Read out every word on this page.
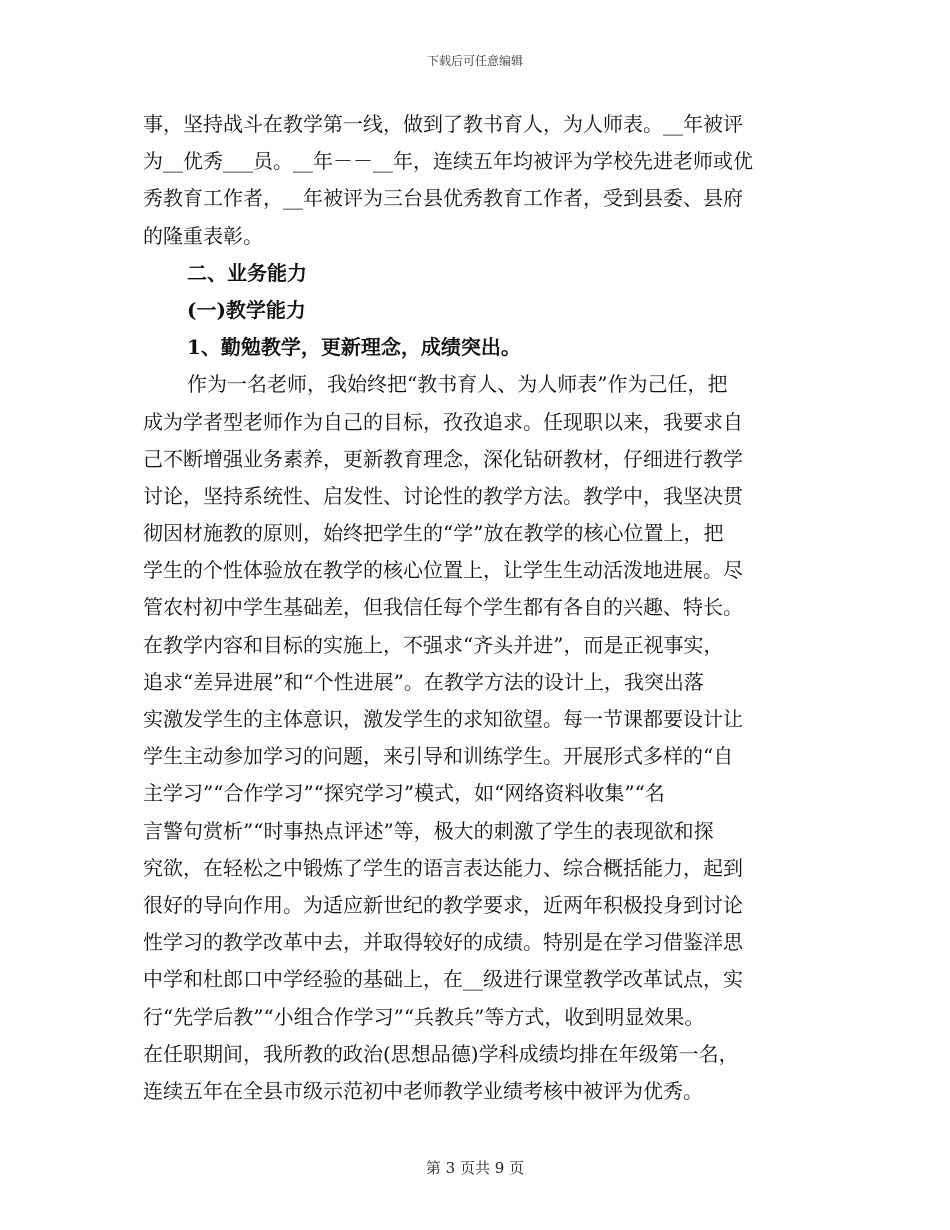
下载后可任意编辑
事，坚持战斗在教学第一线，做到了教书育人，为人师表。__年被评
为__优秀___员。__年－－__年，连续五年均被评为学校先进老师或优
秀教育工作者，__年被评为三台县优秀教育工作者，受到县委、县府
的隆重表彰。
二、业务能力
(一)教学能力
1、勤勉教学，更新理念，成绩突出。
作为一名老师，我始终把“教书育人、为人师表”作为己任，把
成为学者型老师作为自己的目标，孜孜追求。任现职以来，我要求自
己不断增强业务素养，更新教育理念，深化钻研教材，仔细进行教学
讨论，坚持系统性、启发性、讨论性的教学方法。教学中，我坚决贯
彻因材施教的原则，始终把学生的“学”放在教学的核心位置上，把
学生的个性体验放在教学的核心位置上，让学生生动活泼地进展。尽
管农村初中学生基础差，但我信任每个学生都有各自的兴趣、特长。
在教学内容和目标的实施上，不强求“齐头并进”，而是正视事实，
追求“差异进展”和“个性进展”。在教学方法的设计上，我突出落
实激发学生的主体意识，激发学生的求知欲望。每一节课都要设计让
学生主动参加学习的问题，来引导和训练学生。开展形式多样的“自
主学习”“合作学习”“探究学习”模式，如“网络资料收集”“名
言警句赏析”“时事热点评述”等，极大的刺激了学生的表现欲和探
究欲，在轻松之中锻炼了学生的语言表达能力、综合概括能力，起到
很好的导向作用。为适应新世纪的教学要求，近两年积极投身到讨论
性学习的教学改革中去，并取得较好的成绩。特别是在学习借鉴洋思
中学和杜郎口中学经验的基础上，在__级进行课堂教学改革试点，实
行“先学后教”“小组合作学习”“兵教兵”等方式，收到明显效果。
在任职期间，我所教的政治(思想品德)学科成绩均排在年级第一名，
连续五年在全县市级示范初中老师教学业绩考核中被评为优秀。
第 3 页共 9 页
